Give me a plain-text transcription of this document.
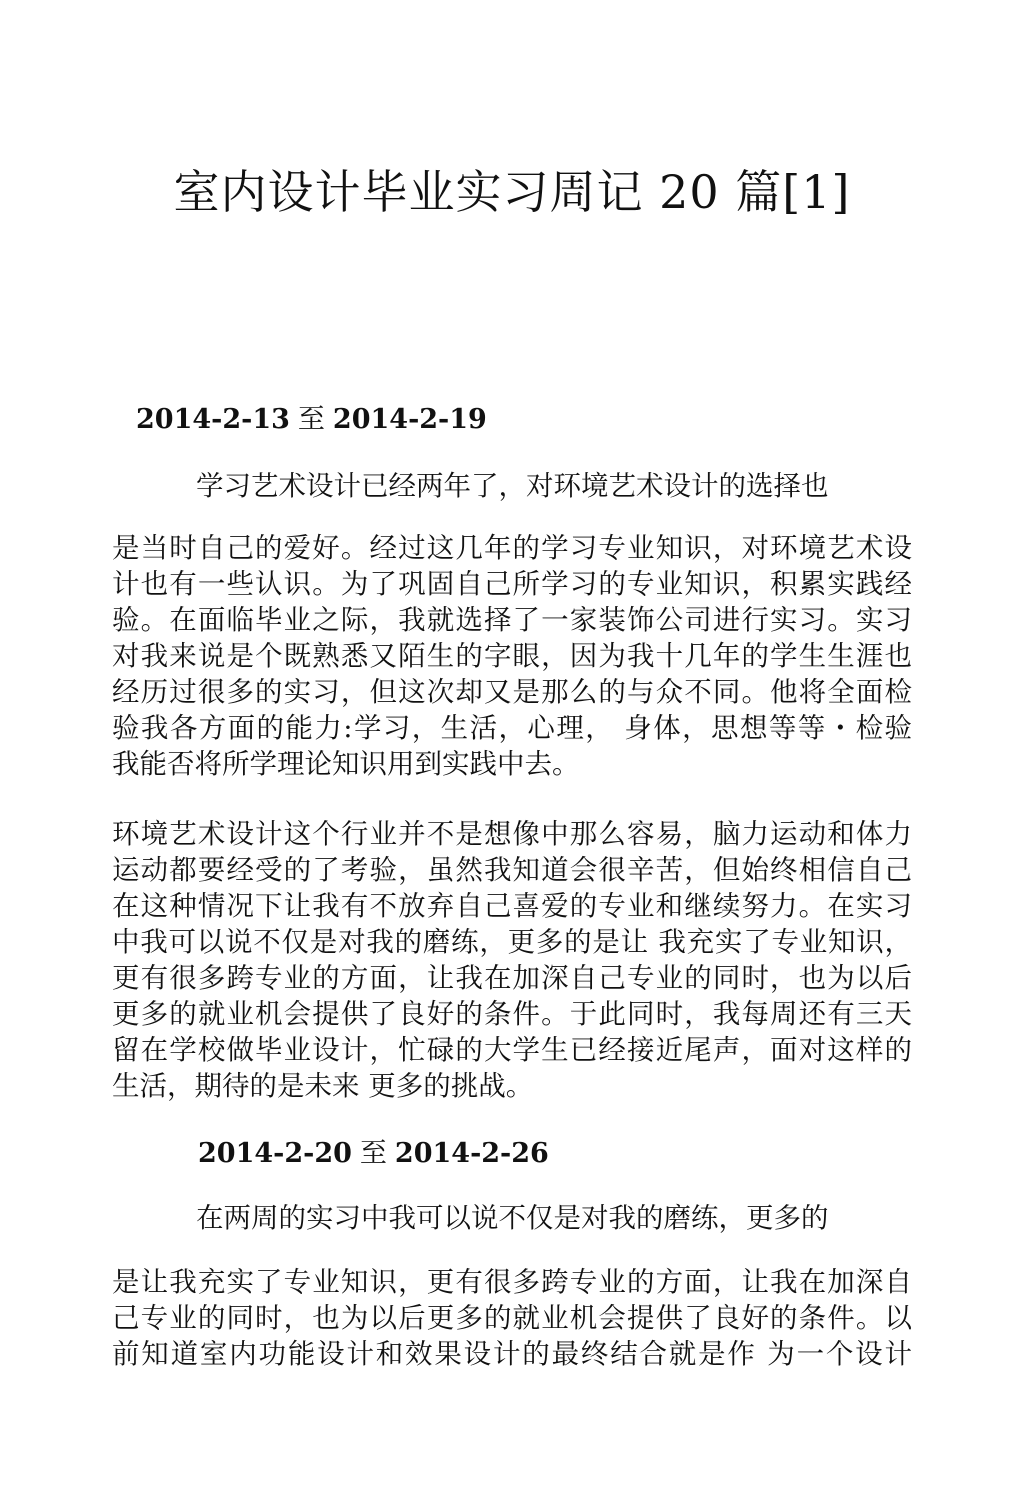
室内设计毕业实习周记 20 篇[1]
2014-2-13 至 2014-2-19
学习艺术设计已经两年了，对环境艺术设计的选择也
是当时自己的爱好。经过这几年的学习专业知识，对环境艺术设
计也有一些认识。为了巩固自己所学习的专业知识，积累实践经
验。在面临毕业之际，我就选择了一家装饰公司进行实习。实习
对我来说是个既熟悉又陌生的字眼，因为我十几年的学生生涯也
经历过很多的实习，但这次却又是那么的与众不同。他将全面检
验我各方面的能力:学习，生活，心理， 身体，思想等等・检验
我能否将所学理论知识用到实践中去。
环境艺术设计这个行业并不是想像中那么容易，脑力运动和体力
运动都要经受的了考验，虽然我知道会很辛苦，但始终相信自己
在这种情况下让我有不放弃自己喜爱的专业和继续努力。在实习
中我可以说不仅是对我的磨练，更多的是让 我充实了专业知识，
更有很多跨专业的方面，让我在加深自己专业的同时，也为以后
更多的就业机会提供了良好的条件。于此同时，我每周还有三天
留在学校做毕业设计，忙碌的大学生已经接近尾声，面对这样的
生活，期待的是未来 更多的挑战。
2014-2-20 至 2014-2-26
在两周的实习中我可以说不仅是对我的磨练，更多的
是让我充实了专业知识，更有很多跨专业的方面，让我在加深自
己专业的同时，也为以后更多的就业机会提供了良好的条件。以
前知道室内功能设计和效果设计的最终结合就是作 为一个设计
